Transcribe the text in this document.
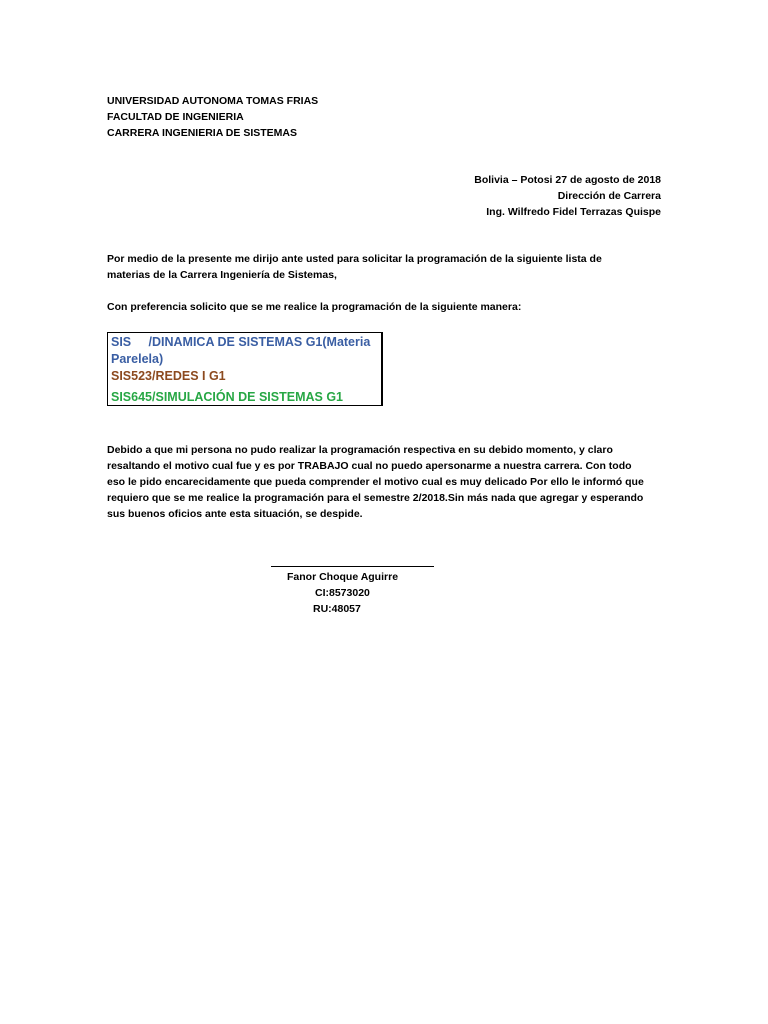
UNIVERSIDAD AUTONOMA TOMAS FRIAS
FACULTAD DE INGENIERIA
CARRERA INGENIERIA DE SISTEMAS
Bolivia – Potosi 27 de agosto de 2018
Dirección de Carrera
Ing. Wilfredo Fidel Terrazas Quispe
Por medio de la presente me dirijo ante usted para solicitar la programación de la siguiente lista de materias de la Carrera Ingeniería de Sistemas,
Con preferencia solicito que se me realice la programación de la siguiente manera:
SIS     /DINAMICA DE SISTEMAS G1(Materia Parelela)
SIS523/REDES I G1
SIS645/SIMULACIÓN DE SISTEMAS G1
Debido a que mi persona no pudo realizar la programación respectiva en su debido momento, y claro resaltando el motivo cual fue y es por TRABAJO cual no puedo apersonarme a nuestra carrera. Con todo eso le pido encarecidamente que pueda comprender el motivo cual es muy delicado Por ello le informó que requiero que se me realice la programación para el semestre 2/2018.Sin más nada que agregar y esperando sus buenos oficios ante esta situación, se despide.
Fanor Choque Aguirre
CI:8573020
RU:48057
